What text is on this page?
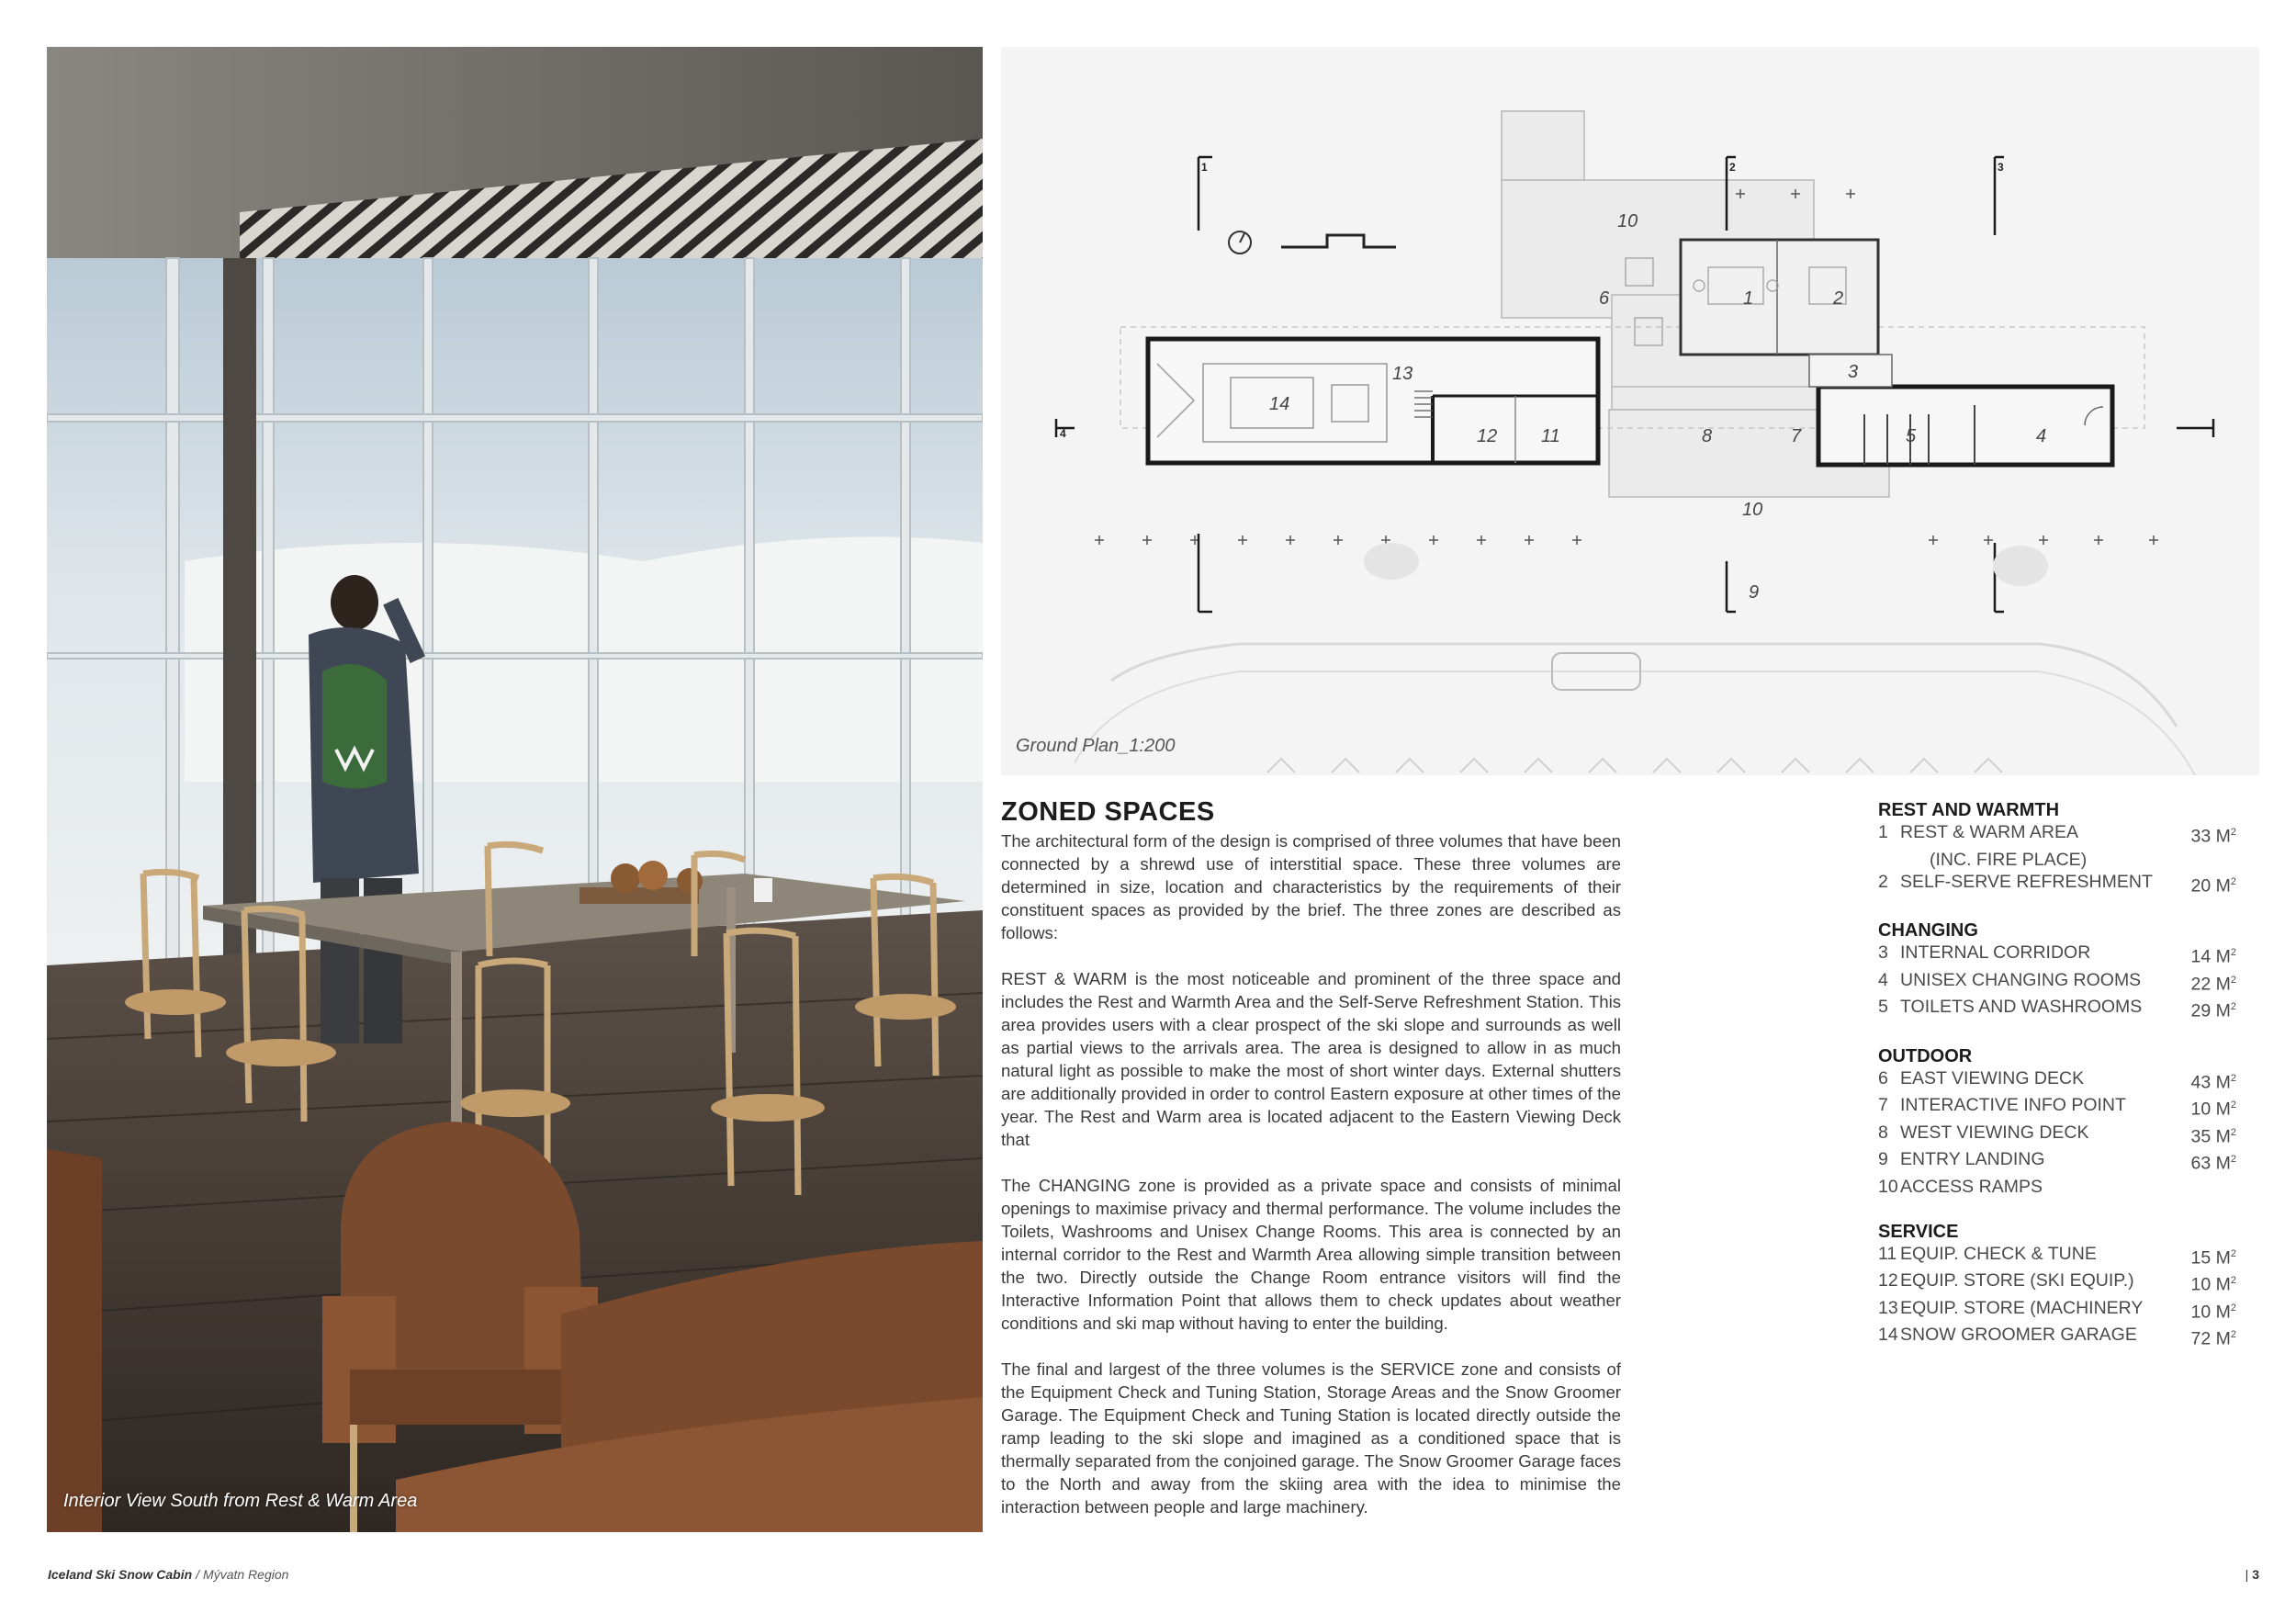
Interior View South from Rest & Warm Area
1	2	3
4
1	2
3
4
5
6
7
8
9
10
10
11
12
13
14
Ground Plan_1:200
ZONED SPACES

The architectural form of the design is comprised of three volumes that have been connected by a shrewd use of interstitial space. These three volumes are determined in size, location and characteristics by the requirements of their constituent spaces as provided by the brief. The three zones are described as follows:

REST & WARM is the most noticeable and prominent of the three space and includes the Rest and Warmth Area and the Self-Serve Refreshment Station. This area provides users with a clear prospect of the ski slope and surrounds as well as partial views to the arrivals area. The area is designed to allow in as much natural light as possible to make the most of short winter days. External shutters are additionally provided in order to control Eastern exposure at other times of the year. The Rest and Warm area is located adjacent to the Eastern Viewing Deck that

The CHANGING zone is provided as a private space and consists of minimal openings to maximise privacy and thermal performance. The volume includes the Toilets, Washrooms and Unisex Change Rooms. This area is connected by an internal corridor to the Rest and Warmth Area allowing simple transition between the two. Directly outside the Change Room entrance visitors will find the Interactive Information Point that allows them to check updates about weather conditions and ski map without having to enter the building.

The final and largest of the three volumes is the SERVICE zone and consists of the Equipment Check and Tuning Station, Storage Areas and the Snow Groomer Garage. The Equipment Check and Tuning Station is located directly outside the ramp leading to the ski slope and imagined as a conditioned space that is thermally separated from the conjoined garage. The Snow Groomer Garage faces to the North and away from the skiing area with the idea to minimise the interaction between people and large machinery.

REST AND WARMTH
1 REST & WARM AREA	33 $M^2$
(INC. FIRE PLACE)
2 SELF-SERVE REFRESHMENT	20 $M^2$
CHANGING
3 INTERNAL CORRIDOR	14 $M^2$
4 UNISEX CHANGING ROOMS	22 $M^2$
5 TOILETS AND WASHROOMS	29 $M^2$
OUTDOOR
6 EAST VIEWING DECK	43 $M^2$
7 INTERACTIVE INFO POINT	10 $M^2$
8 WEST VIEWING DECK	35 $M^2$
9 ENTRY LANDING	63 $M^2$
10 ACCESS RAMPS
SERVICE
11 EQUIP. CHECK & TUNE	15 $M^2$
12 EQUIP. STORE (SKI EQUIP.)	10 $M^2$
13 EQUIP. STORE (MACHINERY	10 $M^2$
14 SNOW GROOMER GARAGE	72 $M^2$
Iceland Ski Snow Cabin / Mývatn Region	| 3
